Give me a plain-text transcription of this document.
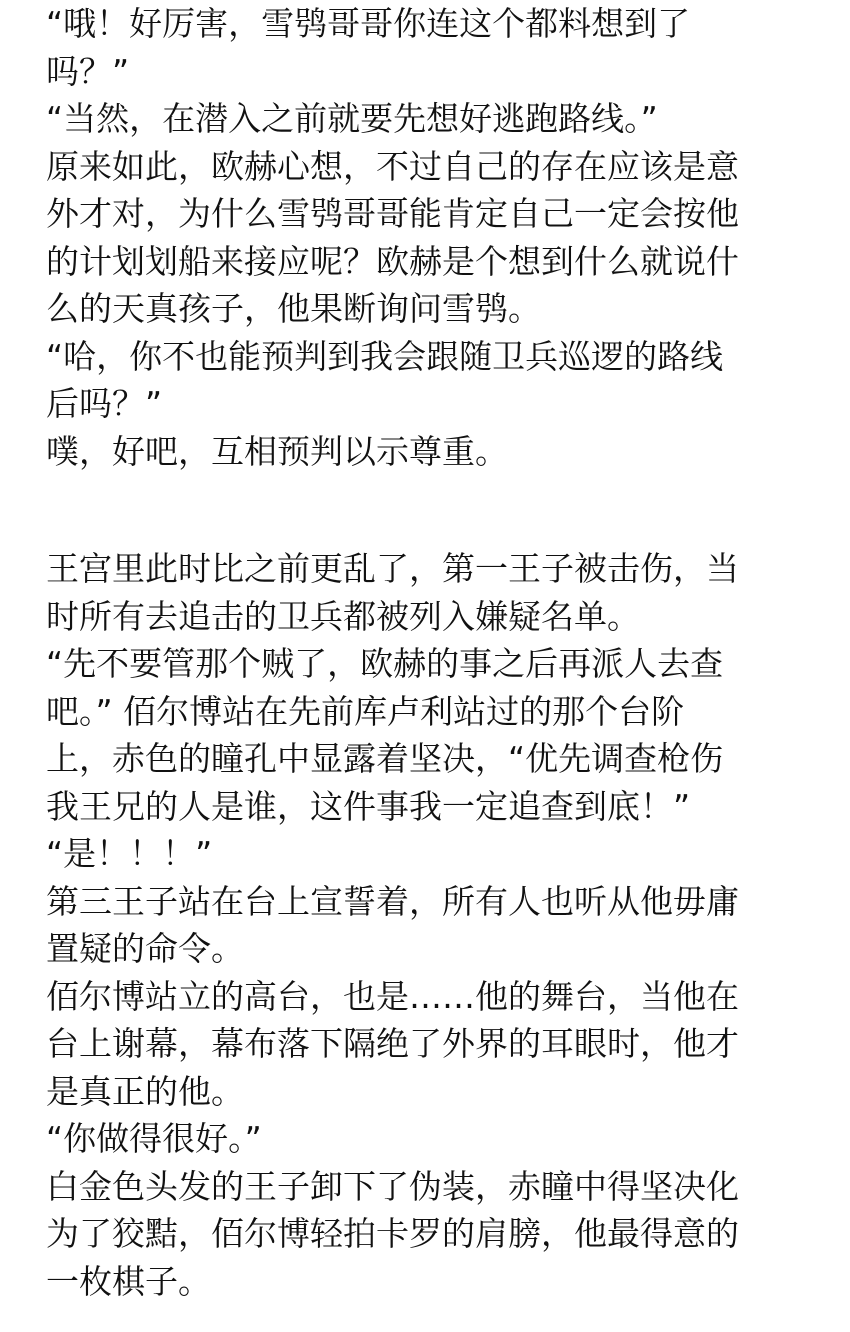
“哦！好厉害，雪鸮哥哥你连这个都料想到了
吗？”
“当然，在潜入之前就要先想好逃跑路线。”
原来如此，欧赫心想，不过自己的存在应该是意
外才对，为什么雪鸮哥哥能肯定自己一定会按他
的计划划船来接应呢？欧赫是个想到什么就说什
么的天真孩子，他果断询问雪鸮。
“哈，你不也能预判到我会跟随卫兵巡逻的路线
后吗？”
噗，好吧，互相预判以示尊重。
王宫里此时比之前更乱了，第一王子被击伤，当
时所有去追击的卫兵都被列入嫌疑名单。
“先不要管那个贼了，欧赫的事之后再派人去查
吧。” 佰尔博站在先前库卢利站过的那个台阶
上，赤色的瞳孔中显露着坚决，“优先调查枪伤
我王兄的人是谁，这件事我一定追查到底！”
“是！！！”
第三王子站在台上宣誓着，所有人也听从他毋庸
置疑的命令。
佰尔博站立的高台，也是……他的舞台，当他在
台上谢幕，幕布落下隔绝了外界的耳眼时，他才
是真正的他。
“你做得很好。”
白金色头发的王子卸下了伪装，赤瞳中得坚决化
为了狡黠，佰尔博轻拍卡罗的肩膀，他最得意的
一枚棋子。
